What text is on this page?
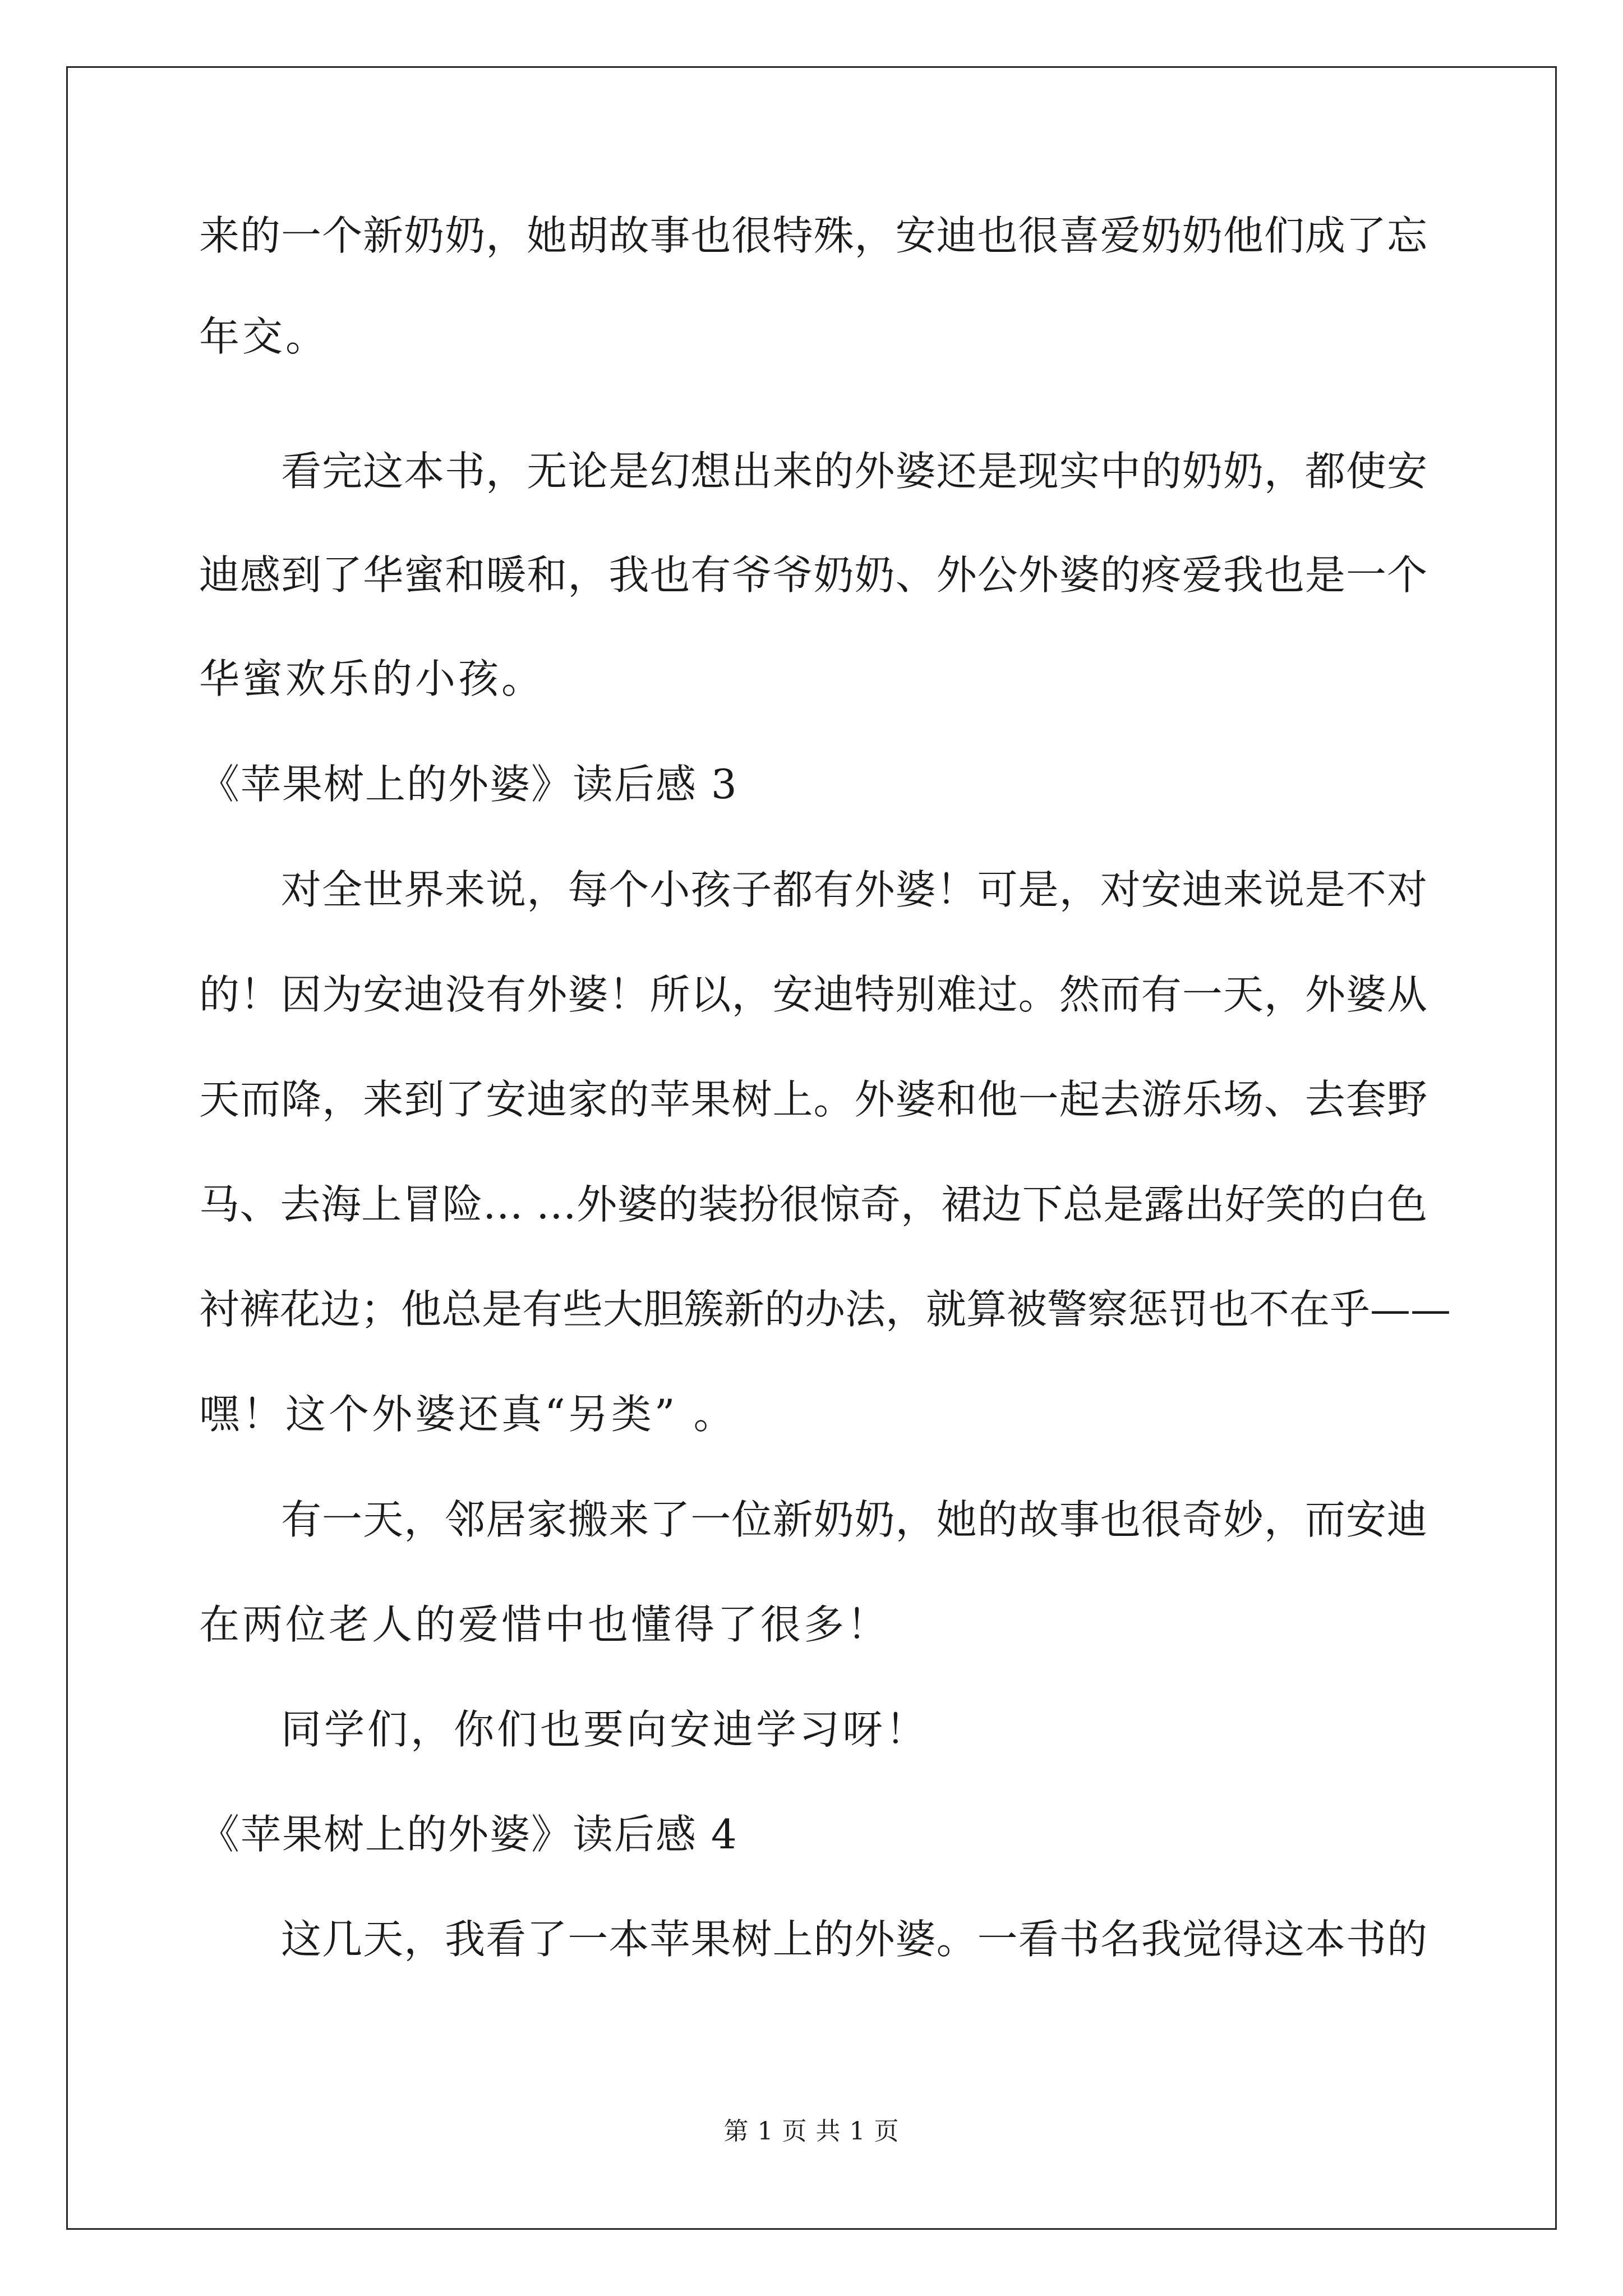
来的一个新奶奶，她胡故事也很特殊，安迪也很喜爱奶奶他们成了忘
年交。
看完这本书，无论是幻想出来的外婆还是现实中的奶奶，都使安
迪感到了华蜜和暖和，我也有爷爷奶奶、外公外婆的疼爱我也是一个
华蜜欢乐的小孩。
《苹果树上的外婆》读后感 3
对全世界来说，每个小孩子都有外婆！可是，对安迪来说是不对
的！因为安迪没有外婆！所以，安迪特别难过。然而有一天，外婆从
天而降，来到了安迪家的苹果树上。外婆和他一起去游乐场、去套野
马、去海上冒险… …外婆的装扮很惊奇，裙边下总是露出好笑的白色
衬裤花边；他总是有些大胆簇新的办法，就算被警察惩罚也不在乎——
嘿！这个外婆还真“另类” 。
有一天，邻居家搬来了一位新奶奶，她的故事也很奇妙，而安迪
在两位老人的爱惜中也懂得了很多！
同学们，你们也要向安迪学习呀！
《苹果树上的外婆》读后感 4
这几天，我看了一本苹果树上的外婆。一看书名我觉得这本书的
第 1 页 共 1 页
